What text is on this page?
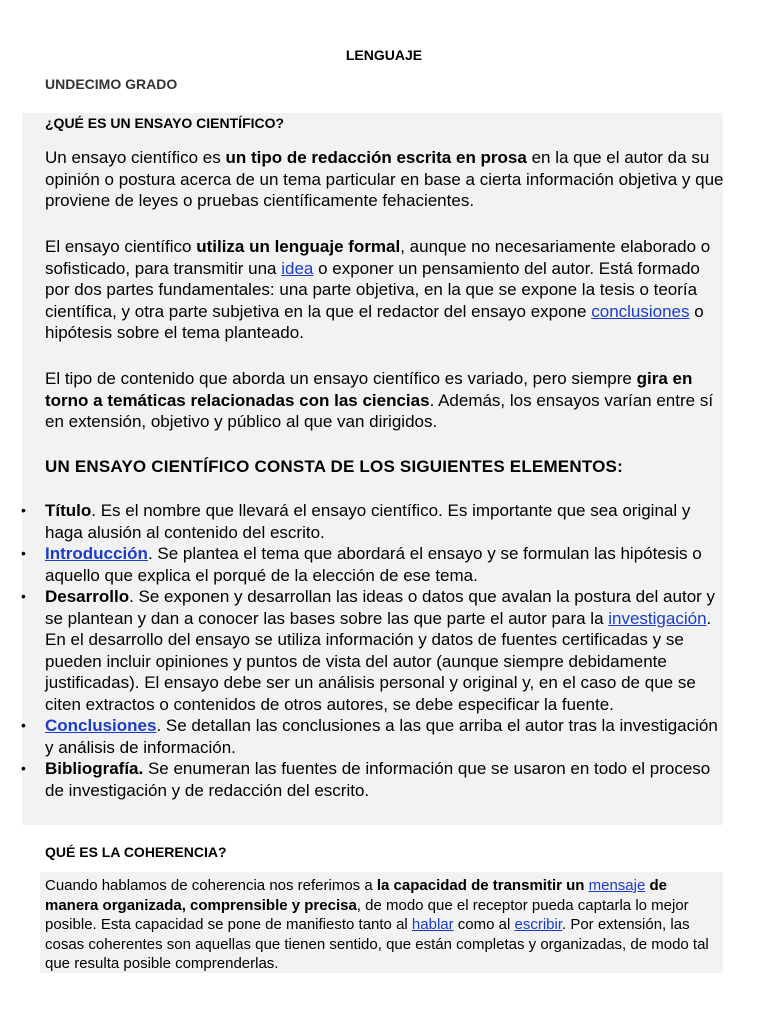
LENGUAJE
UNDECIMO GRADO
¿QUÉ ES UN ENSAYO CIENTÍFICO?

Un ensayo científico es un tipo de redacción escrita en prosa en la que el autor da su opinión o postura acerca de un tema particular en base a cierta información objetiva y que proviene de leyes o pruebas científicamente fehacientes.

El ensayo científico utiliza un lenguaje formal, aunque no necesariamente elaborado o sofisticado, para transmitir una idea o exponer un pensamiento del autor. Está formado por dos partes fundamentales: una parte objetiva, en la que se expone la tesis o teoría científica, y otra parte subjetiva en la que el redactor del ensayo expone conclusiones o hipótesis sobre el tema planteado.

El tipo de contenido que aborda un ensayo científico es variado, pero siempre gira en torno a temáticas relacionadas con las ciencias. Además, los ensayos varían entre sí en extensión, objetivo y público al que van dirigidos.

UN ENSAYO CIENTÍFICO CONSTA DE LOS SIGUIENTES ELEMENTOS:
• Título. Es el nombre que llevará el ensayo científico. Es importante que sea original y haga alusión al contenido del escrito.
• Introducción. Se plantea el tema que abordará el ensayo y se formulan las hipótesis o aquello que explica el porqué de la elección de ese tema.
• Desarrollo. Se exponen y desarrollan las ideas o datos que avalan la postura del autor y se plantean y dan a conocer las bases sobre las que parte el autor para la investigación. En el desarrollo del ensayo se utiliza información y datos de fuentes certificadas y se pueden incluir opiniones y puntos de vista del autor (aunque siempre debidamente justificadas). El ensayo debe ser un análisis personal y original y, en el caso de que se citen extractos o contenidos de otros autores, se debe especificar la fuente.
• Conclusiones. Se detallan las conclusiones a las que arriba el autor tras la investigación y análisis de información.
• Bibliografía. Se enumeran las fuentes de información que se usaron en todo el proceso de investigación y de redacción del escrito.
QUÉ ES LA COHERENCIA?

Cuando hablamos de coherencia nos referimos a la capacidad de transmitir un mensaje de manera organizada, comprensible y precisa, de modo que el receptor pueda captarla lo mejor posible. Esta capacidad se pone de manifiesto tanto al hablar como al escribir. Por extensión, las cosas coherentes son aquellas que tienen sentido, que están completas y organizadas, de modo tal que resulta posible comprenderlas.
